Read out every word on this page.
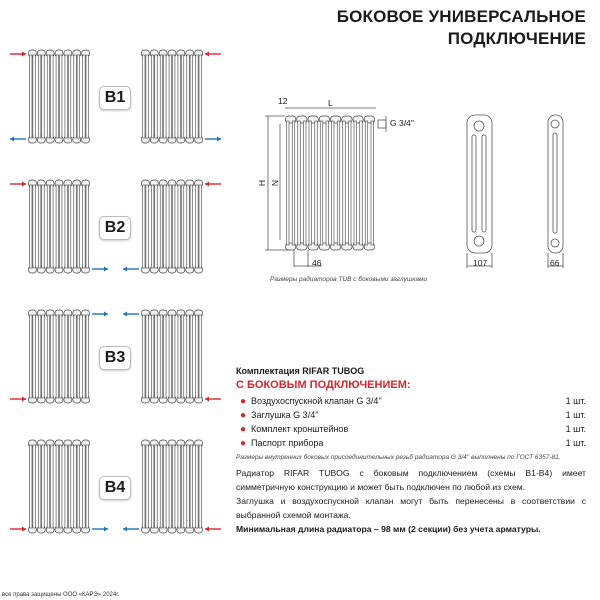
БОКОВОЕ УНИВЕРСАЛЬНОЕ
ПОДКЛЮЧЕНИЕ
B1
B2
B3
B4
12	L
G 3/4''
H N
46	107	66
Размеры радиаторов TUB с боковыми заглушками
Комплектация RIFAR TUBOG
С БОКОВЫМ ПОДКЛЮЧЕНИЕМ:
● Воздухоспускной клапан G 3/4''	1 шт.
● Заглушка G 3/4''	1 шт.
● Комплект кронштейнов	1 шт.
● Паспорт прибора	1 шт.
Размеры внутренних боковых присоединительных резьб радиатора G 3/4'' выполнены по ГОСТ 6357-81.
Радиатор RIFAR TUBOG с боковым подключением (схемы B1-B4) имеет симметричную конструкцию и может быть подключен по любой из схем.
Заглушка и воздухоспускной клапан могут быть перенесены в соответствии с выбранной схемой монтажа.
Минимальная длина радиатора – 98 мм (2 секции) без учета арматуры.
все права защищены ООО «КАРЭ» 2024г.
